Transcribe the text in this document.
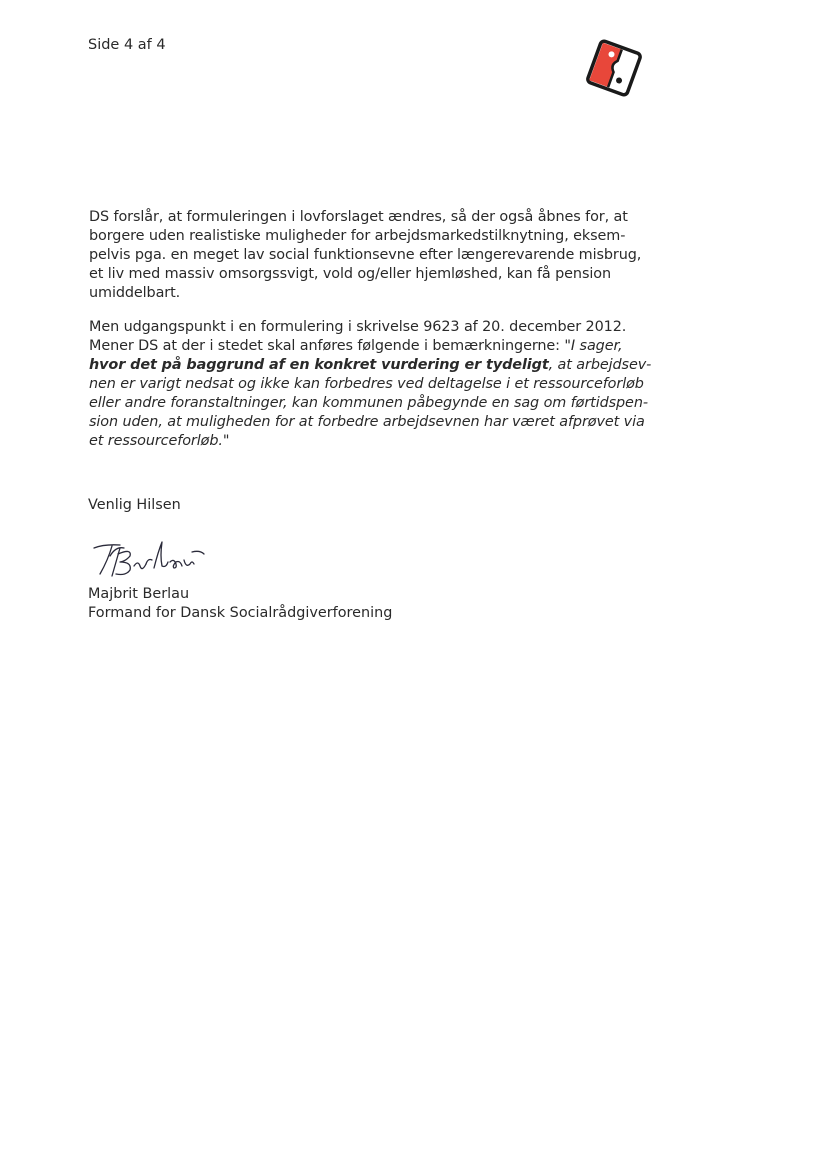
Side 4 af 4

DS forslår, at formuleringen i lovforslaget ændres, så der også åbnes for, at
borgere uden realistiske muligheder for arbejdsmarkedstilknytning, eksem-
pelvis pga. en meget lav social funktionsevne efter længerevarende misbrug,
et liv med massiv omsorgssvigt, vold og/eller hjemløshed, kan få pension
umiddelbart.

Men udgangspunkt i en formulering i skrivelse 9623 af 20. december 2012.
Mener DS at der i stedet skal anføres følgende i bemærkningerne: "I sager,
hvor det på baggrund af en konkret vurdering er tydeligt, at arbejdsev-
nen er varigt nedsat og ikke kan forbedres ved deltagelse i et ressourceforløb
eller andre foranstaltninger, kan kommunen påbegynde en sag om førtidspen-
sion uden, at muligheden for at forbedre arbejdsevnen har været afprøvet via
et ressourceforløb."

Venlig Hilsen

Majbrit Berlau
Formand for Dansk Socialrådgiverforening
